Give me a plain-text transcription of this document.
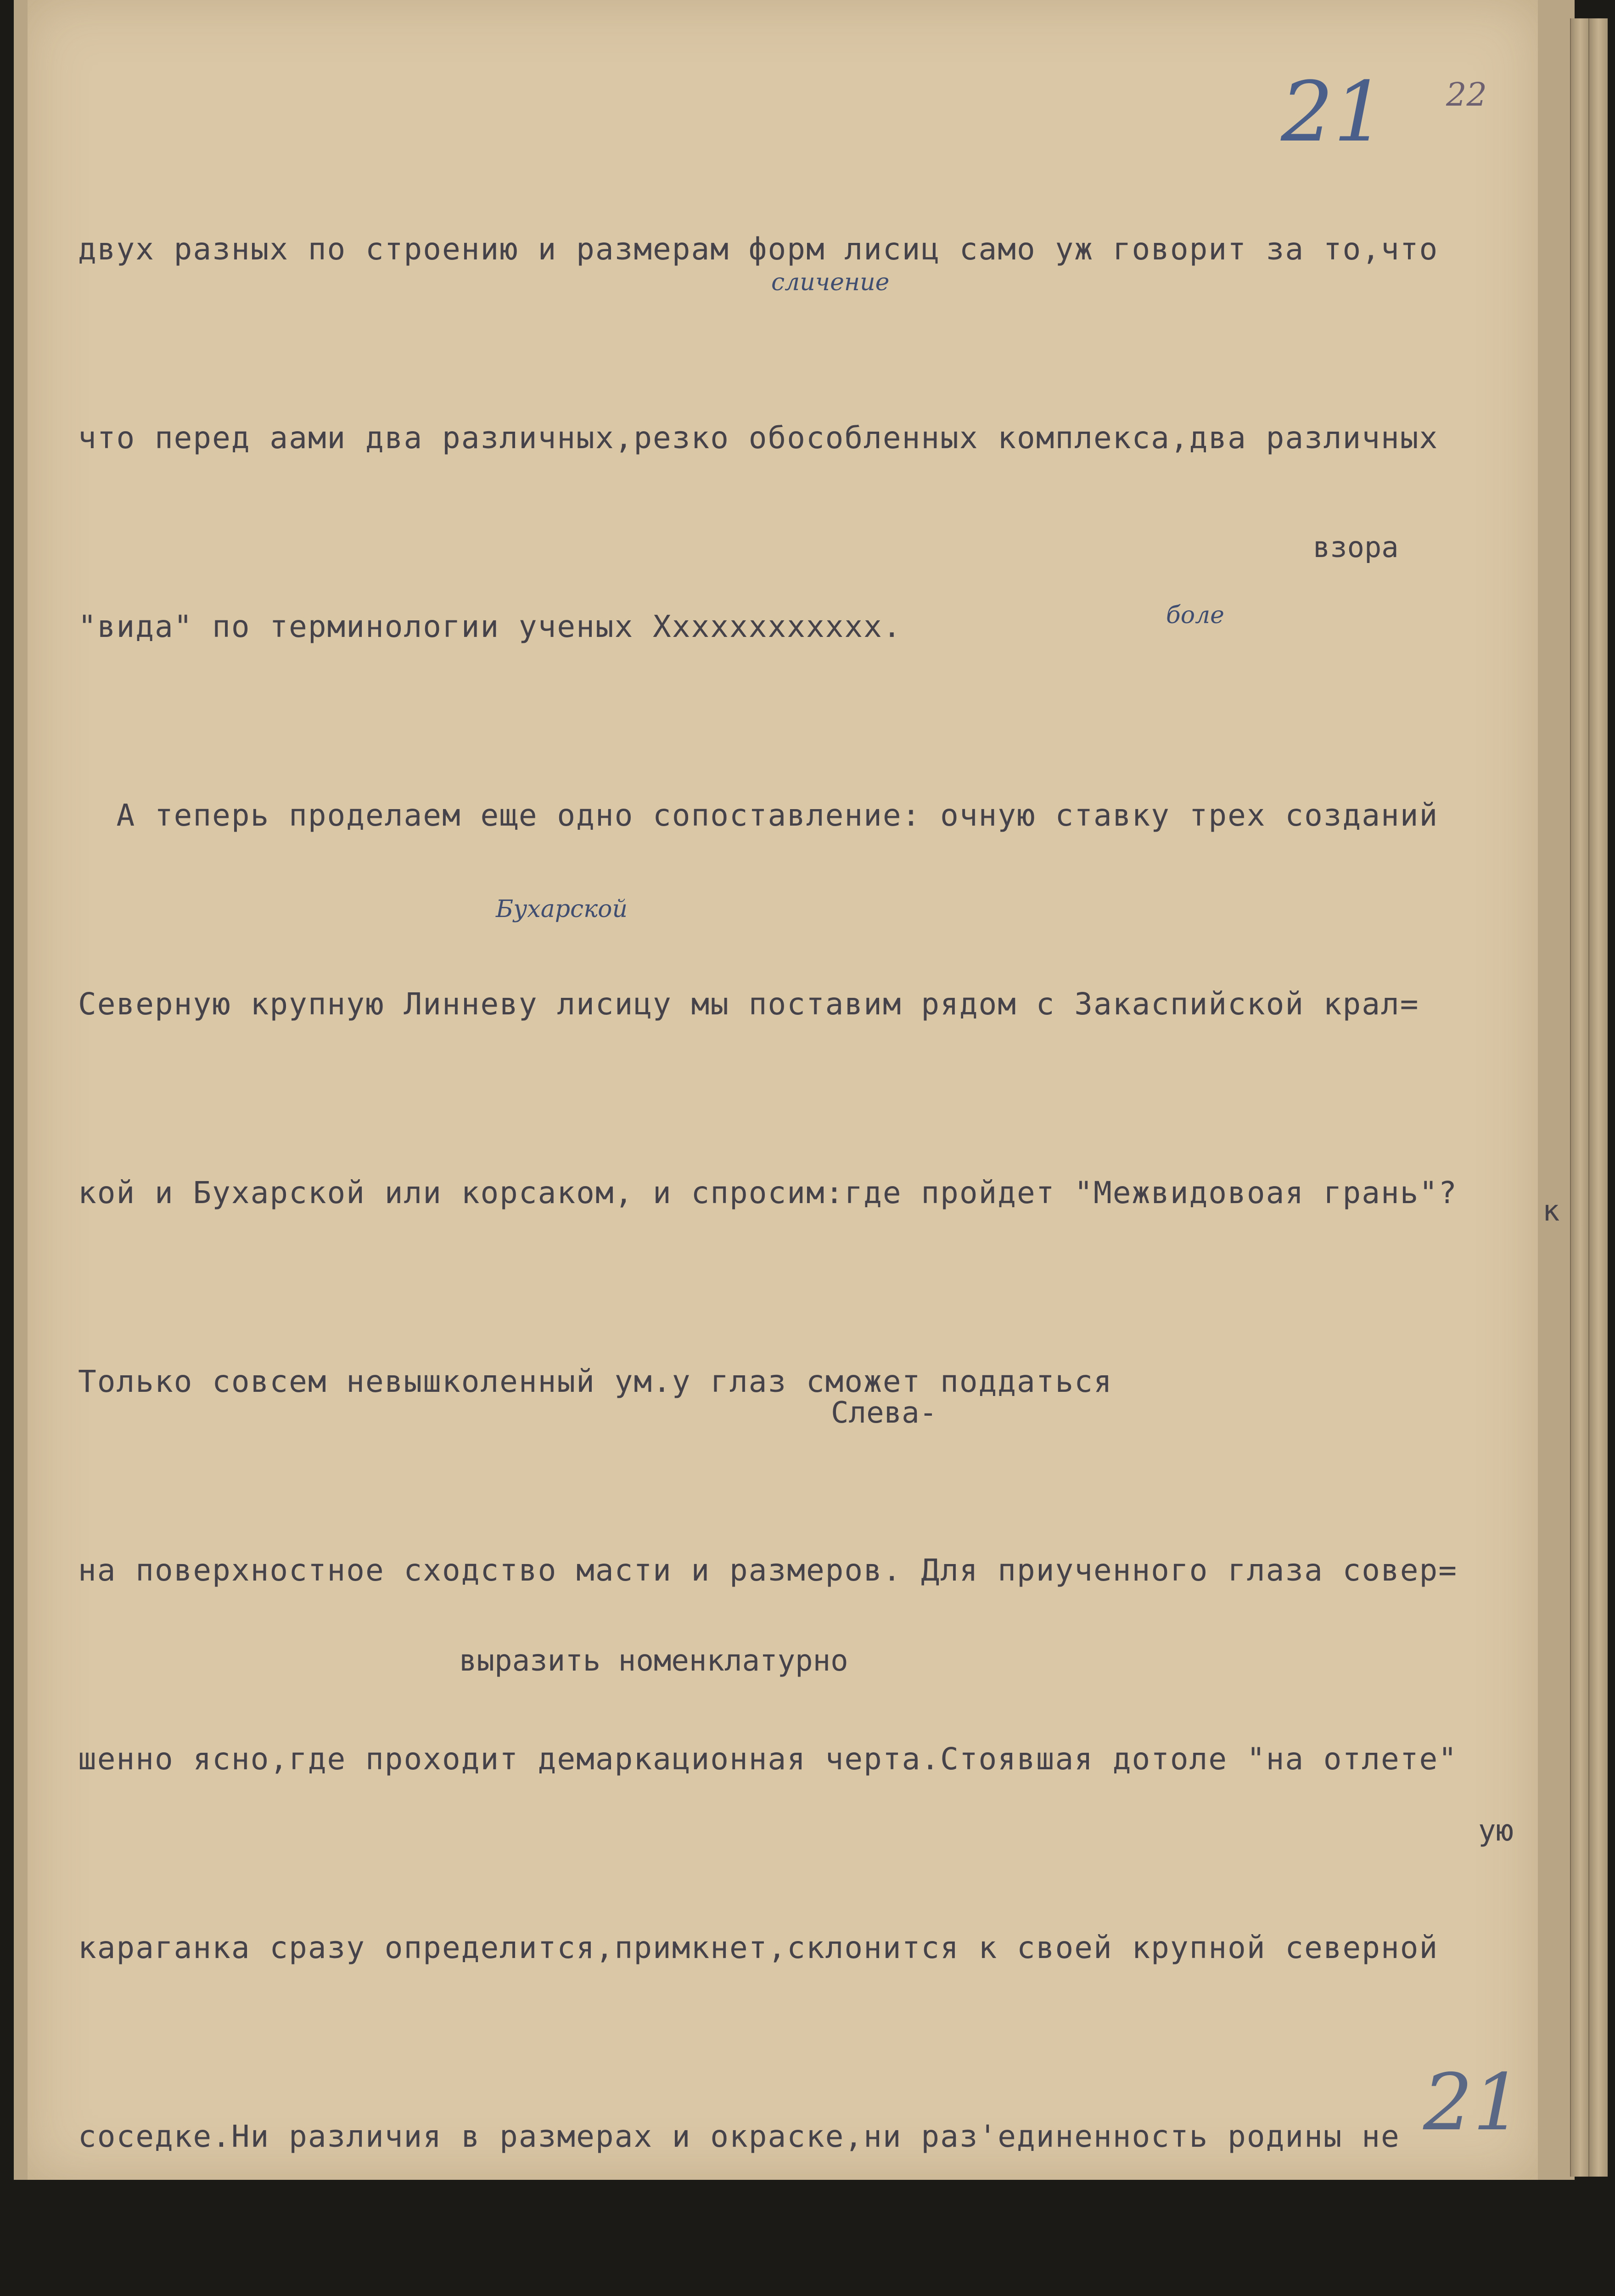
21 22
21

двух разных по строению и размерам форм лисиц само уж говорит за то,что

что перед аами два различных,резко обособленных комплекса,два различных

"вида" по терминологии ученых Хххххххххххх.

А теперь проделаем еще одно сопоставление: очную ставку трех созданий

Северную крупную Линневу лисицу мы поставим рядом с Закаспийской крал=

кой и Бухарской или корсаком, и спросим:где пройдет "Межвидовоая грань"?

Только совсем невышколенный ум.у глаз сможет поддаться

на поверхностное сходство масти и размеров. Для приученного глаза совер=

шенно ясно,где проходит демаркационная черта.Стоявшая дотоле "на отлете"

караганка сразу определится,примкнет,склонится к своей крупной северной

соседке.Ни различия в размерах и окраске,ни раз'единенность родины не

сличение
боле
взора
Бухарской
Слева-
выразить номенклатурно
ую
к
